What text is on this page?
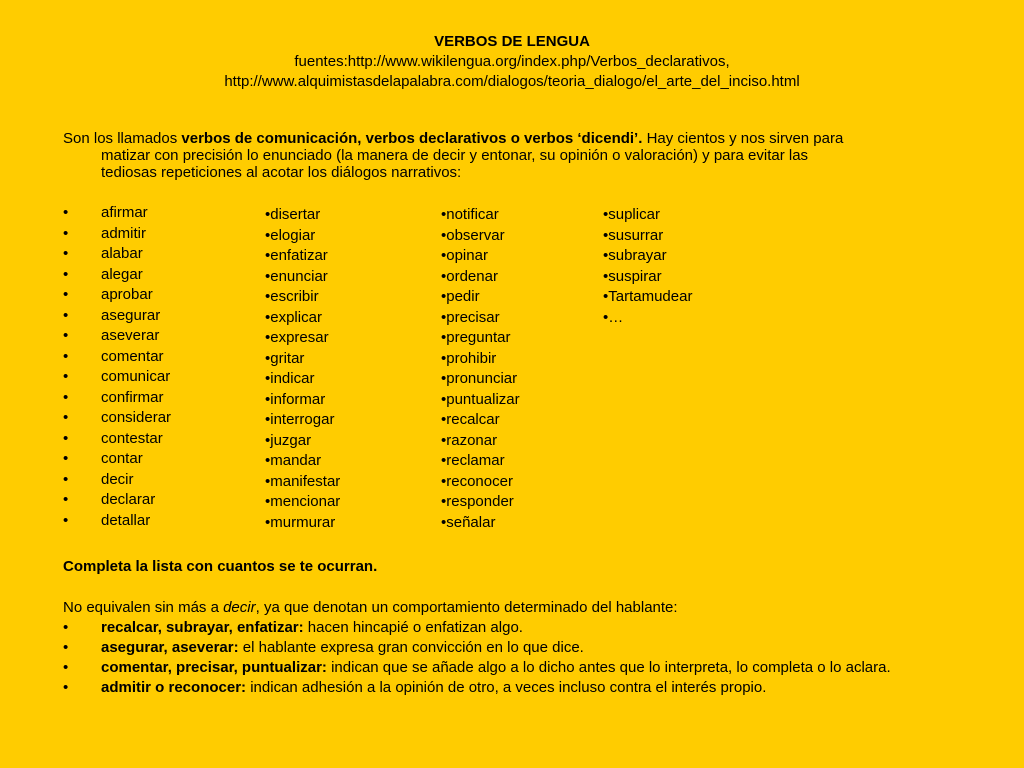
VERBOS DE LENGUA
fuentes:http://www.wikilengua.org/index.php/Verbos_declarativos,
http://www.alquimistasdelapalabra.com/dialogos/teoria_dialogo/el_arte_del_inciso.html
Son los llamados verbos de comunicación, verbos declarativos o verbos ‘dicendi’. Hay cientos y nos sirven para
matizar con precisión lo enunciado (la manera de decir y entonar, su opinión o valoración) y para evitar las
tediosas repeticiones al acotar los diálogos narrativos:
• afirmar
• admitir
• alabar
• alegar
• aprobar
• asegurar
• aseverar
• comentar
• comunicar
• confirmar
• considerar
• contestar
• contar
• decir
• declarar
• detallar
•disertar
•elogiar
•enfatizar
•enunciar
•escribir
•explicar
•expresar
•gritar
•indicar
•informar
•interrogar
•juzgar
•mandar
•manifestar
•mencionar
•murmurar
•notificar
•observar
•opinar
•ordenar
•pedir
•precisar
•preguntar
•prohibir
•pronunciar
•puntualizar
•recalcar
•razonar
•reclamar
•reconocer
•responder
•señalar
•suplicar
•susurrar
•subrayar
•suspirar
•Tartamudear
•…
Completa la lista con cuantos se te ocurran.
No equivalen sin más a decir, ya que denotan un comportamiento determinado del hablante:
•	recalcar, subrayar, enfatizar: hacen hincapié o enfatizan algo.
•	asegurar, aseverar: el hablante expresa gran convicción en lo que dice.
•	comentar, precisar, puntualizar: indican que se añade algo a lo dicho antes que lo interpreta, lo completa o lo aclara.
•	admitir o reconocer: indican adhesión a la opinión de otro, a veces incluso contra el interés propio.
